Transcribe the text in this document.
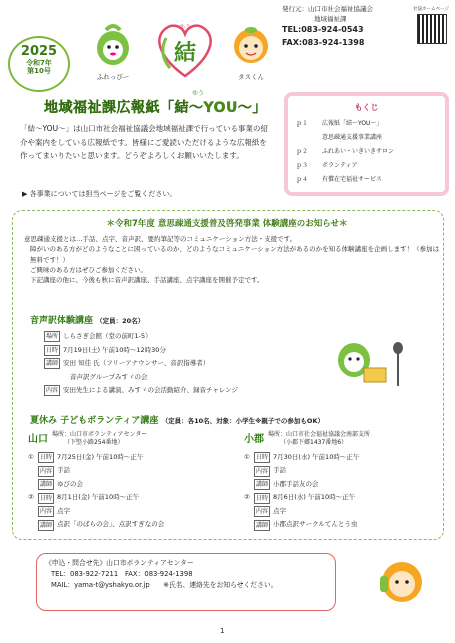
2025
令和7年
第10号
ふれっぴー
結
ゆう
タスくん
発行元：山口市社会福祉協議会
地域福祉課
TEL:083-924-0543
FAX:083-924-1398
社協ホームページ
ゆう
地域福祉課広報紙「結〜YOU〜」
「結〜YOU〜」は山口市社会福祉協議会地域福祉課で行っている事業の紹介や案内をしている広報紙です。皆様にご愛読いただけるような広報紙を作ってまいりたいと思います。どうぞよろしくお願いいたします。
▶ 各事業については担当ページをご覧ください。
もくじ
ｐ１	広報紙「結〜YOU〜」
意思疎通支援事業講座
ｐ２	ふれあい・いきいきサロン
ｐ３	ボランティア
ｐ４	有償在宅福祉サービス
＊令和7年度 意思疎通支援普及啓発事業 体験講座のお知らせ＊
意思疎通支援とは…手話、点字、音声訳、要約筆記等のコミュニケーション方法・支援です。
障がいのある方がどのようなことに困っているのか、どのようなコミュニケーション方法があるのかを知る体験講座を企画します！（参加は無料です！）
ご興味のある方はぜひご参加ください。
下記講座の他に、今後も秋に音声訳講座、手話講座、点字講座を開催予定です。
音声訳体験講座 （定員：20名）
場所 しらさぎ会館（堂の前町1-5）
日時 7月19日(土) 午前10時〜12時30分
講師 安田 知佳 氏（フリーアナウンサー、音訳指導者）
音声訳グループみすゞの会
内容 安田先生による講演、みすゞの会活動紹介、録音チャレンジ
夏休み 子どもボランティア講座 （定員：各10名、対象：小学生※親子での参加もOK）
山口 場所：山口市ボランティアセンター
（下竪小路254番地）
①	日時 7月25日(金) 午前10時〜正午
内容 手話
講師 ゆびの会
②	日時 8月1日(金) 午前10時〜正午
内容 点字
講師 点訳「のばらの会」、点訳すぎなの会
小郡 場所：山口市社会福祉協議会南部支所
（小郡下郷1437番地6）
①	日時 7月30日(水) 午前10時〜正午
内容 手話
講師 小郡手話友の会
②	日時 8月6日(水) 午前10時〜正午
内容 点字
講師 小郡点訳サークルてんとう虫
《申込・問合せ先》山口市ボランティアセンター
TEL：083-922-7211　FAX：083-924-1398
MAIL：yama-t@yshakyo.or.jp　　※氏名、連絡先をお知らせください。
1
